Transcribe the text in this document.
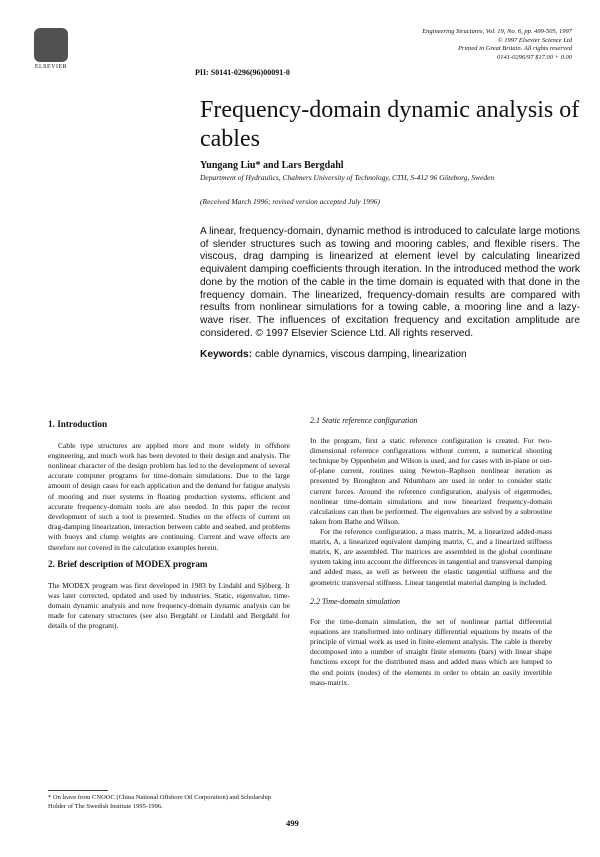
ELSEVIER
PII: S0141-0296(96)00091-0
Engineering Structures, Vol. 19, No. 6, pp. 499-505, 1997
© 1997 Elsevier Science Ltd
Printed in Great Britain. All rights reserved
0141-0296/97 $17.00 + 0.00
Frequency-domain dynamic analysis of cables
Yungang Liu* and Lars Bergdahl
Department of Hydraulics, Chalmers University of Technology, CTH, S-412 96 Göteborg, Sweden
(Received March 1996; revised version accepted July 1996)
A linear, frequency-domain, dynamic method is introduced to calculate large motions of slender structures such as towing and mooring cables, and flexible risers. The viscous, drag damping is linearized at element level by calculating linearized equivalent damping coefficients through iteration. In the introduced method the work done by the motion of the cable in the time domain is equated with that done in the frequency domain. The linearized, frequency-domain results are compared with results from nonlinear simulations for a towing cable, a mooring line and a lazy-wave riser. The influences of excitation frequency and excitation amplitude are considered. © 1997 Elsevier Science Ltd. All rights reserved.
Keywords: cable dynamics, viscous damping, linearization

1. Introduction

Cable type structures are applied more and more widely in offshore engineering, and much work has been devoted to their design and analysis. The nonlinear character of the design problem has led to the development of several accurate computer programs for time-domain simulations. Due to the large amount of design cases for each application and the demand for fatigue analysis of mooring and riser systems in floating production systems, efficient and accurate frequency-domain tools are also needed. In this paper the recent development of such a tool is presented. Studies on the effects of current on drag-damping linearization, interaction between cable and seabed, and problems with buoys and clump weights are continuing. Current and wave effects are therefore not covered in the calculation examples herein.

2. Brief description of MODEX program

The MODEX program was first developed in 1983 by Lindahl and Sjöberg. It was later corrected, updated and used by industries. Static, eigenvalue, time-domain dynamic analysis and now frequency-domain dynamic analysis can be made for catenary structures (see also Bergdahl or Lindahl and Bergdahl for details of the program).

2.1 Static reference configuration

In the program, first a static reference configuration is created. For two-dimensional reference configurations without current, a numerical shooting technique by Oppenheim and Wilson is used, and for cases with in-plane or out-of-plane current, routines using Newton–Raphson nonlinear iteration as presented by Broughton and Ndumbaro are used in order to consider static current forces. Around the reference configuration, analysis of eigenmodes, nonlinear time-domain simulations and now linearized frequency-domain calculations can then be performed. The eigenvalues are solved by a subroutine taken from Bathe and Wilson.

For the reference configuration, a mass matrix, M, a linearized added-mass matrix, A, a linearized equivalent damping matrix, C, and a linearized stiffness matrix, K, are assembled. The matrices are assembled in the global coordinate system taking into account the differences in tangential and transversal damping and added mass, as well as between the elastic tangential stiffness and the geometric transversal stiffness. Linear tangential material damping is included.

2.2 Time-domain simulation

For the time-domain simulation, the set of nonlinear partial differential equations are transformed into ordinary differential equations by means of the principle of virtual work as used in finite-element analysis. The cable is thereby decomposed into a number of straight finite elements (bars) with linear shape functions except for the distributed mass and added mass which are lumped to the end points (nodes) of the elements in order to obtain an easily invertible mass-matrix.

* On leave from CNOOC (China National Offshore Oil Corporation) and Scholarship Holder of The Swedish Institute 1995-1996.
499
